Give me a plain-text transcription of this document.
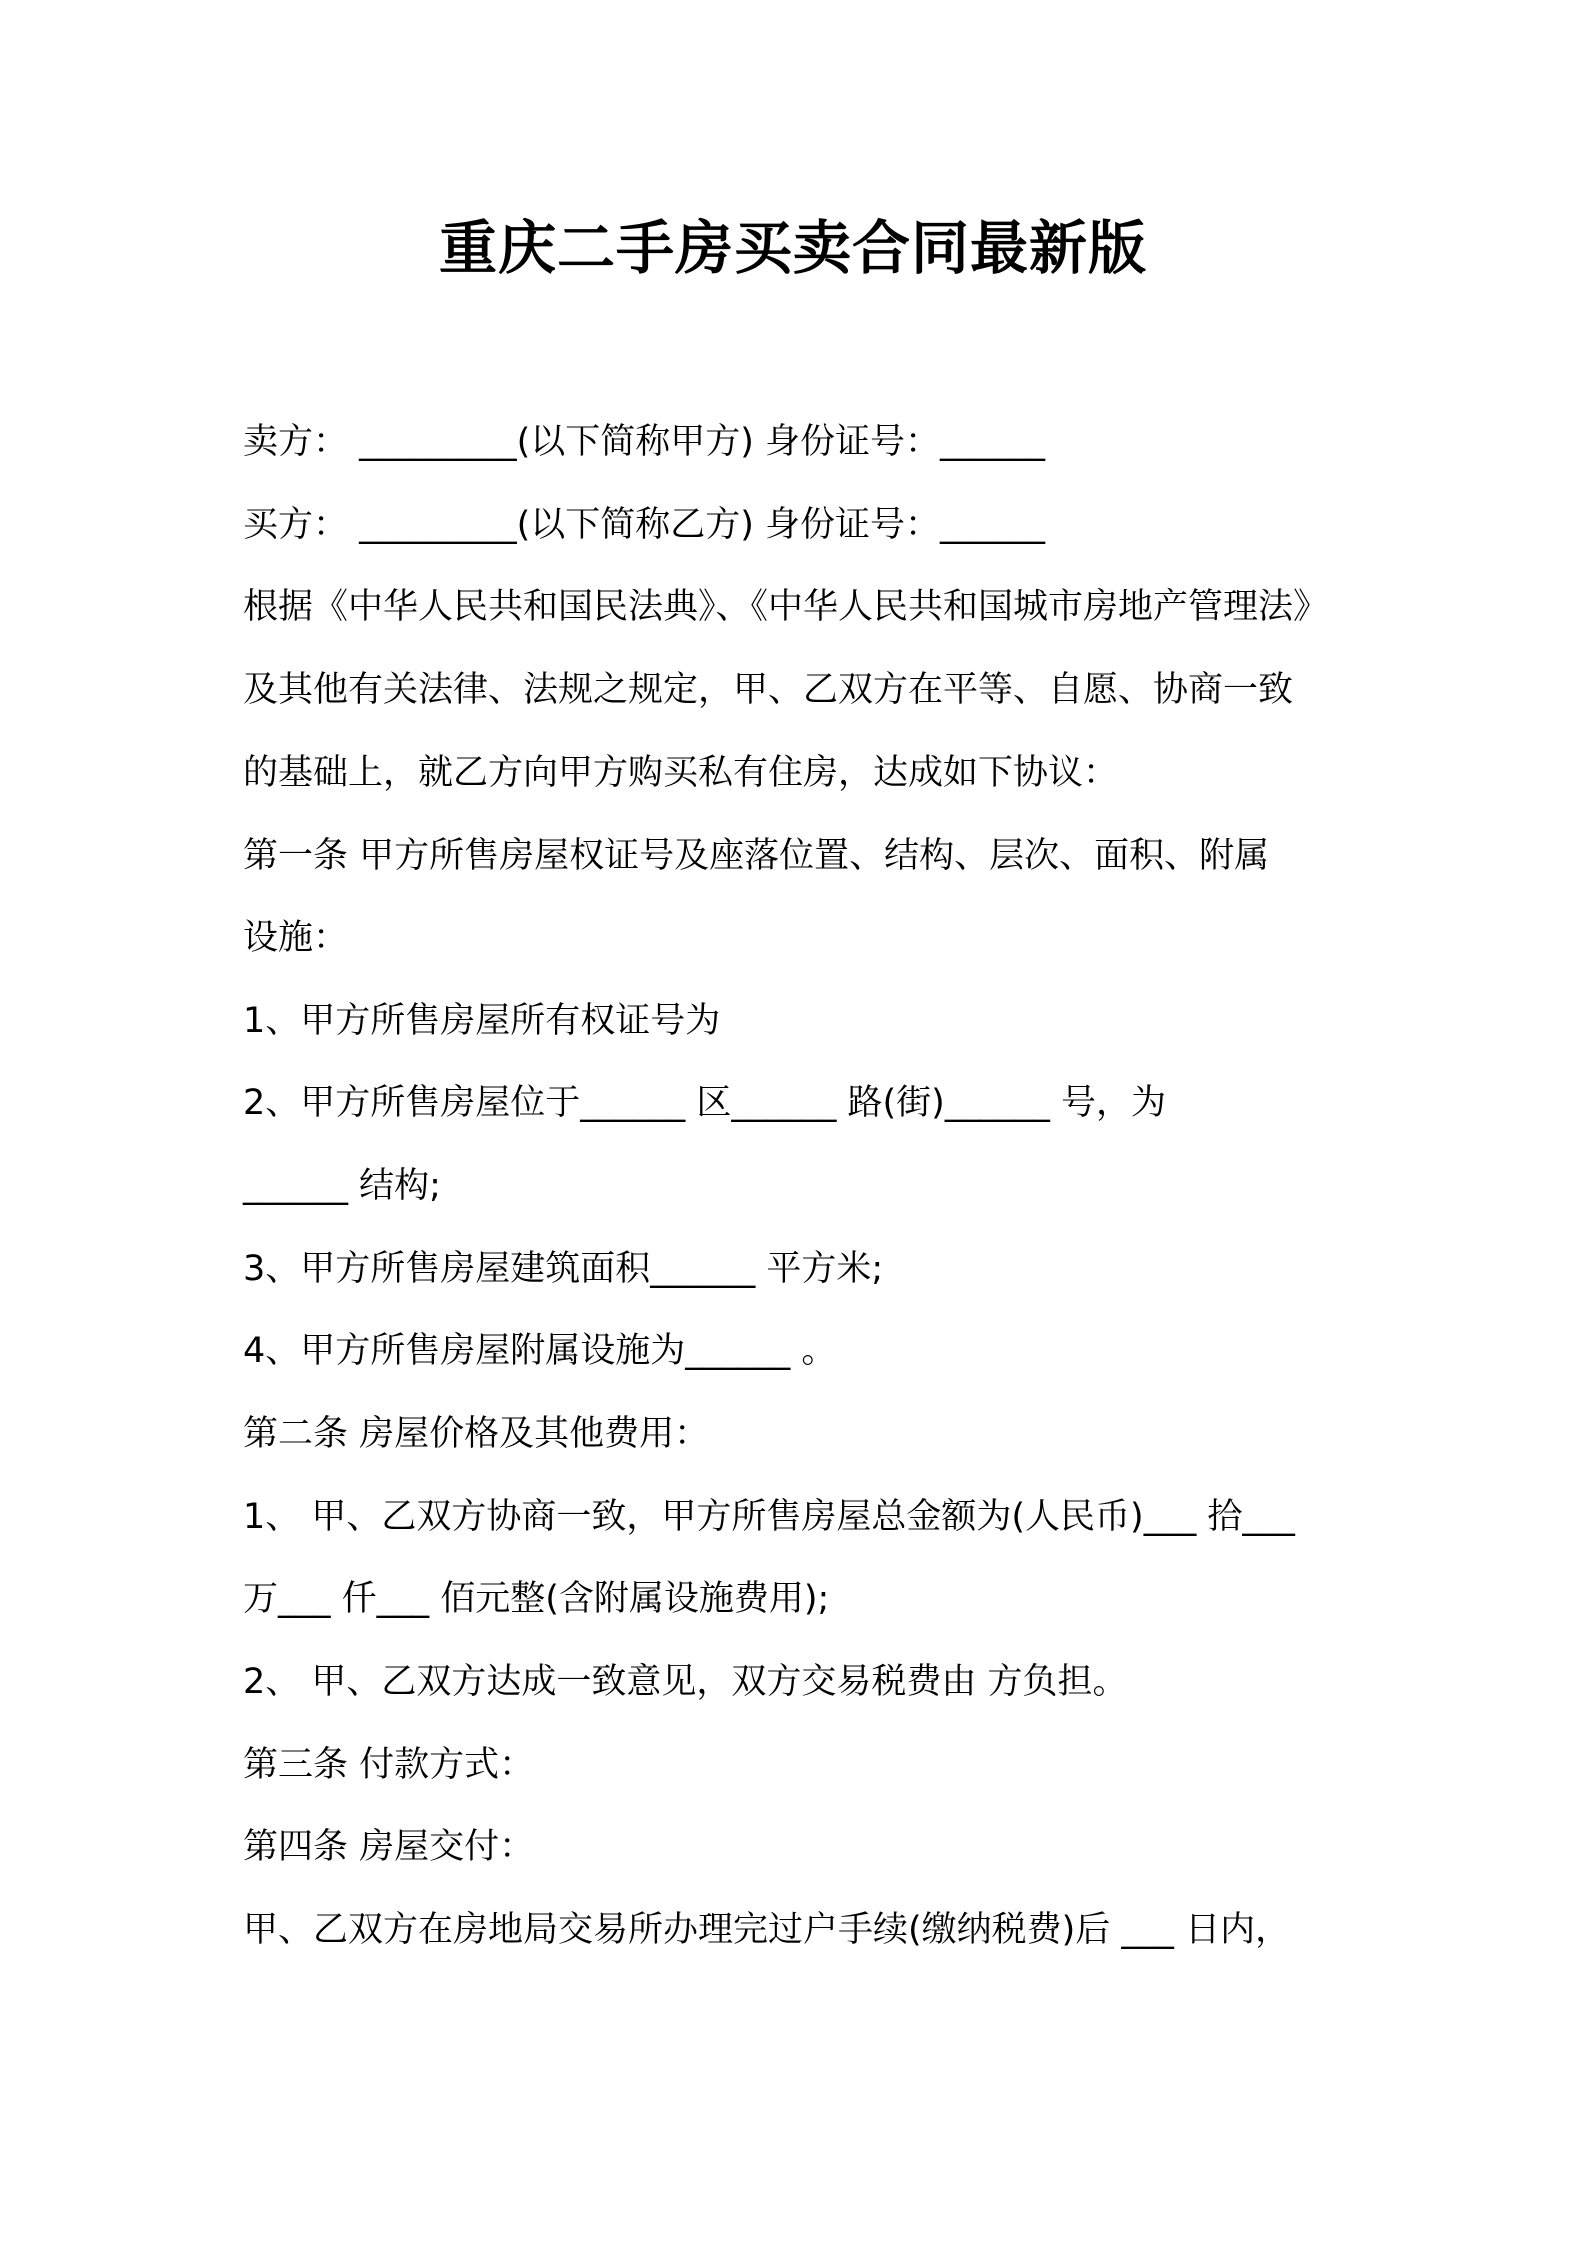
重庆二手房买卖合同最新版
卖方： _________(以下简称甲方) 身份证号：______
买方： _________(以下简称乙方) 身份证号：______
根据《中华人民共和国民法典》、《中华人民共和国城市房地产管理法》
及其他有关法律、法规之规定，甲、乙双方在平等、自愿、协商一致
的基础上，就乙方向甲方购买私有住房，达成如下协议：
第一条 甲方所售房屋权证号及座落位置、结构、层次、面积、附属
设施：
1、甲方所售房屋所有权证号为
2、甲方所售房屋位于______ 区______ 路(街)______ 号，为
______ 结构;
3、甲方所售房屋建筑面积______ 平方米;
4、甲方所售房屋附属设施为______ 。
第二条 房屋价格及其他费用：
1、 甲、乙双方协商一致，甲方所售房屋总金额为(人民币)___ 拾___
万___ 仟___ 佰元整(含附属设施费用);
2、 甲、乙双方达成一致意见，双方交易税费由 方负担。
第三条 付款方式：
第四条 房屋交付：
甲、乙双方在房地局交易所办理完过户手续(缴纳税费)后 ___ 日内，
